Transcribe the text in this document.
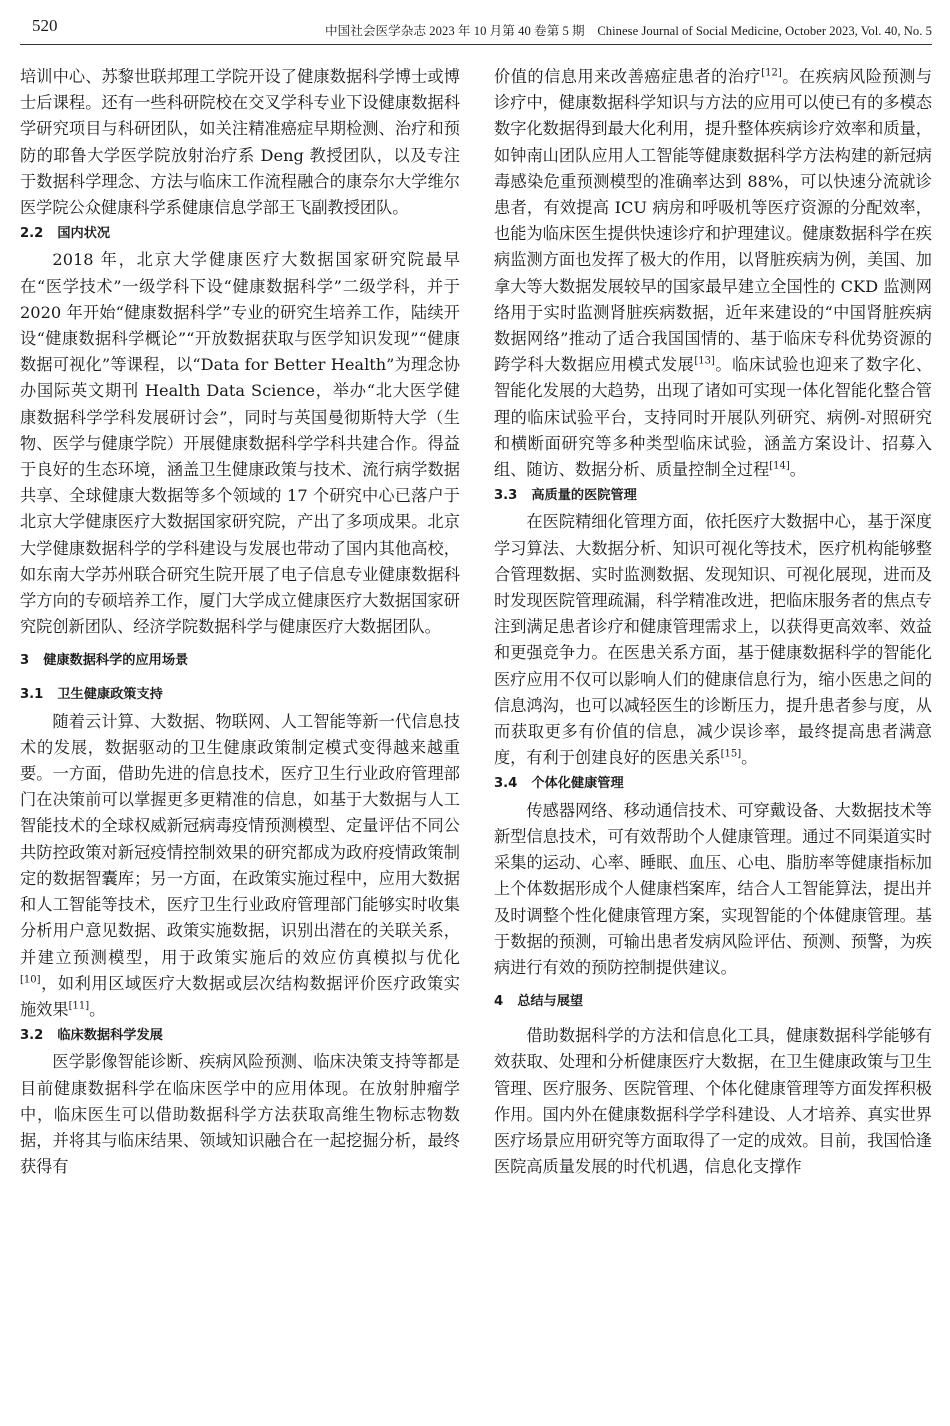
520	中国社会医学杂志 2023 年 10 月第 40 卷第 5 期　Chinese Journal of Social Medicine, October 2023, Vol. 40, No. 5

培训中心、苏黎世联邦理工学院开设了健康数据科学博士或博士后课程。还有一些科研院校在交叉学科专业下设健康数据科学研究项目与科研团队，如关注精准癌症早期检测、治疗和预防的耶鲁大学医学院放射治疗系 Deng 教授团队，以及专注于数据科学理念、方法与临床工作流程融合的康奈尔大学维尔医学院公众健康科学系健康信息学部王飞副教授团队。

2.2 国内状况

2018 年，北京大学健康医疗大数据国家研究院最早在“医学技术”一级学科下设“健康数据科学”二级学科，并于 2020 年开始“健康数据科学”专业的研究生培养工作，陆续开设“健康数据科学概论”“开放数据获取与医学知识发现”“健康数据可视化”等课程，以“Data for Better Health”为理念协办国际英文期刊 Health Data Science，举办“北大医学健康数据科学学科发展研讨会”，同时与英国曼彻斯特大学（生物、医学与健康学院）开展健康数据科学学科共建合作。得益于良好的生态环境，涵盖卫生健康政策与技术、流行病学数据共享、全球健康大数据等多个领域的 17 个研究中心已落户于北京大学健康医疗大数据国家研究院，产出了多项成果。北京大学健康数据科学的学科建设与发展也带动了国内其他高校，如东南大学苏州联合研究生院开展了电子信息专业健康数据科学方向的专硕培养工作，厦门大学成立健康医疗大数据国家研究院创新团队、经济学院数据科学与健康医疗大数据团队。

3 健康数据科学的应用场景
3.1 卫生健康政策支持

随着云计算、大数据、物联网、人工智能等新一代信息技术的发展，数据驱动的卫生健康政策制定模式变得越来越重要。一方面，借助先进的信息技术，医疗卫生行业政府管理部门在决策前可以掌握更多更精准的信息，如基于大数据与人工智能技术的全球权威新冠病毒疫情预测模型、定量评估不同公共防控政策对新冠疫情控制效果的研究都成为政府疫情政策制定的数据智囊库；另一方面，在政策实施过程中，应用大数据和人工智能等技术，医疗卫生行业政府管理部门能够实时收集分析用户意见数据、政策实施数据，识别出潜在的关联关系，并建立预测模型，用于政策实施后的效应仿真模拟与优化[10]，如利用区域医疗大数据或层次结构数据评价医疗政策实施效果[11]。

3.2 临床数据科学发展

医学影像智能诊断、疾病风险预测、临床决策支持等都是目前健康数据科学在临床医学中的应用体现。在放射肿瘤学中，临床医生可以借助数据科学方法获取高维生物标志物数据，并将其与临床结果、领域知识融合在一起挖掘分析，最终获得有

价值的信息用来改善癌症患者的治疗[12]。在疾病风险预测与诊疗中，健康数据科学知识与方法的应用可以使已有的多模态数字化数据得到最大化利用，提升整体疾病诊疗效率和质量，如钟南山团队应用人工智能等健康数据科学方法构建的新冠病毒感染危重预测模型的准确率达到 88%，可以快速分流就诊患者，有效提高 ICU 病房和呼吸机等医疗资源的分配效率，也能为临床医生提供快速诊疗和护理建议。健康数据科学在疾病监测方面也发挥了极大的作用，以肾脏疾病为例，美国、加拿大等大数据发展较早的国家最早建立全国性的 CKD 监测网络用于实时监测肾脏疾病数据，近年来建设的“中国肾脏疾病数据网络”推动了适合我国国情的、基于临床专科优势资源的跨学科大数据应用模式发展[13]。临床试验也迎来了数字化、智能化发展的大趋势，出现了诸如可实现一体化智能化整合管理的临床试验平台，支持同时开展队列研究、病例-对照研究和横断面研究等多种类型临床试验，涵盖方案设计、招募入组、随访、数据分析、质量控制全过程[14]。

3.3 高质量的医院管理

在医院精细化管理方面，依托医疗大数据中心，基于深度学习算法、大数据分析、知识可视化等技术，医疗机构能够整合管理数据、实时监测数据、发现知识、可视化展现，进而及时发现医院管理疏漏，科学精准改进，把临床服务者的焦点专注到满足患者诊疗和健康管理需求上，以获得更高效率、效益和更强竞争力。在医患关系方面，基于健康数据科学的智能化医疗应用不仅可以影响人们的健康信息行为，缩小医患之间的信息鸿沟，也可以减轻医生的诊断压力，提升患者参与度，从而获取更多有价值的信息，减少误诊率，最终提高患者满意度，有利于创建良好的医患关系[15]。

3.4 个体化健康管理

传感器网络、移动通信技术、可穿戴设备、大数据技术等新型信息技术，可有效帮助个人健康管理。通过不同渠道实时采集的运动、心率、睡眠、血压、心电、脂肪率等健康指标加上个体数据形成个人健康档案库，结合人工智能算法，提出并及时调整个性化健康管理方案，实现智能的个体健康管理。基于数据的预测，可输出患者发病风险评估、预测、预警，为疾病进行有效的预防控制提供建议。

4 总结与展望

借助数据科学的方法和信息化工具，健康数据科学能够有效获取、处理和分析健康医疗大数据，在卫生健康政策与卫生管理、医疗服务、医院管理、个体化健康管理等方面发挥积极作用。国内外在健康数据科学学科建设、人才培养、真实世界医疗场景应用研究等方面取得了一定的成效。目前，我国恰逢医院高质量发展的时代机遇，信息化支撑作
